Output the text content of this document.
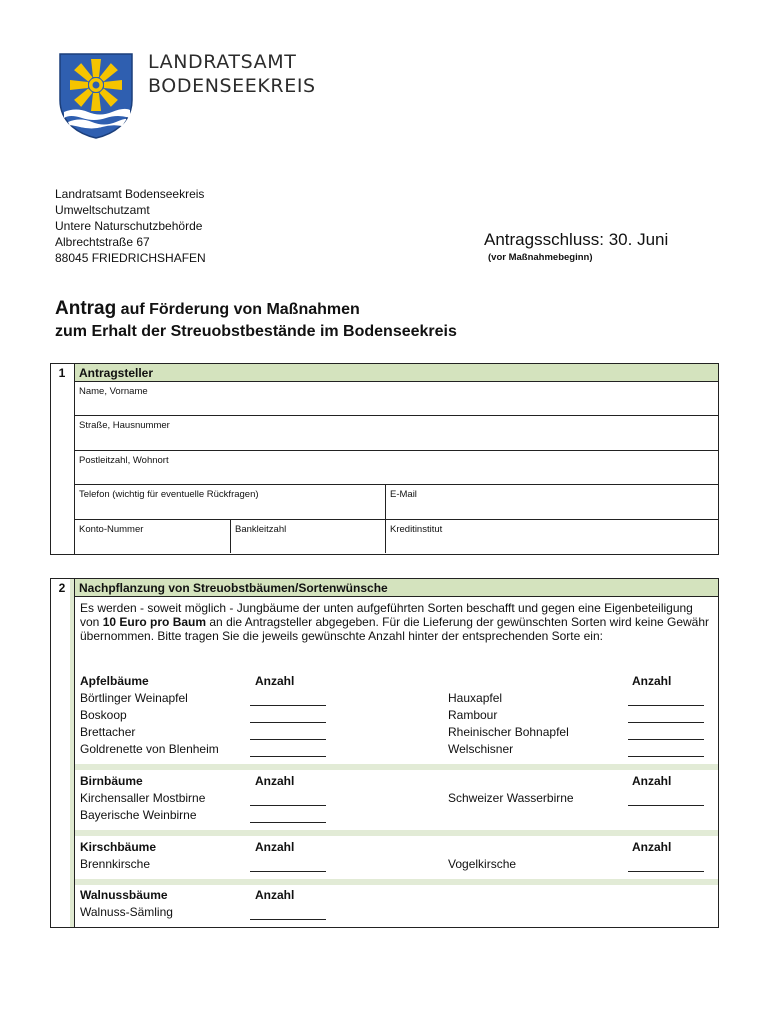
LANDRATSAMT
BODENSEEKREIS
Landratsamt Bodenseekreis
Umweltschutzamt
Untere Naturschutzbehörde
Albrechtstraße 67
88045 FRIEDRICHSHAFEN
Antragsschluss: 30. Juni
(vor Maßnahmebeginn)
Antrag auf Förderung von Maßnahmen
zum Erhalt der Streuobstbestände im Bodenseekreis
1	Antragsteller
Name, Vorname
Straße, Hausnummer
Postleitzahl, Wohnort
Telefon (wichtig für eventuelle Rückfragen)	E-Mail
Konto-Nummer	Bankleitzahl	Kreditinstitut
2	Nachpflanzung von Streuobstbäumen/Sortenwünsche
Es werden - soweit möglich - Jungbäume der unten aufgeführten Sorten beschafft und gegen eine Eigenbeteiligung von 10 Euro pro Baum an die Antragsteller abgegeben. Für die Lieferung der gewünschten Sorten wird keine Gewähr übernommen. Bitte tragen Sie die jeweils gewünschte Anzahl hinter der entsprechenden Sorte ein:
Apfelbäume	Anzahl	Anzahl
Börtlinger Weinapfel	Hauxapfel
Boskoop	Rambour
Brettacher	Rheinischer Bohnapfel
Goldrenette von Blenheim	Welschisner
Birnbäume	Anzahl	Anzahl
Kirchensaller Mostbirne	Schweizer Wasserbirne
Bayerische Weinbirne
Kirschbäume	Anzahl	Anzahl
Brennkirsche	Vogelkirsche
Walnussbäume	Anzahl
Walnuss-Sämling
